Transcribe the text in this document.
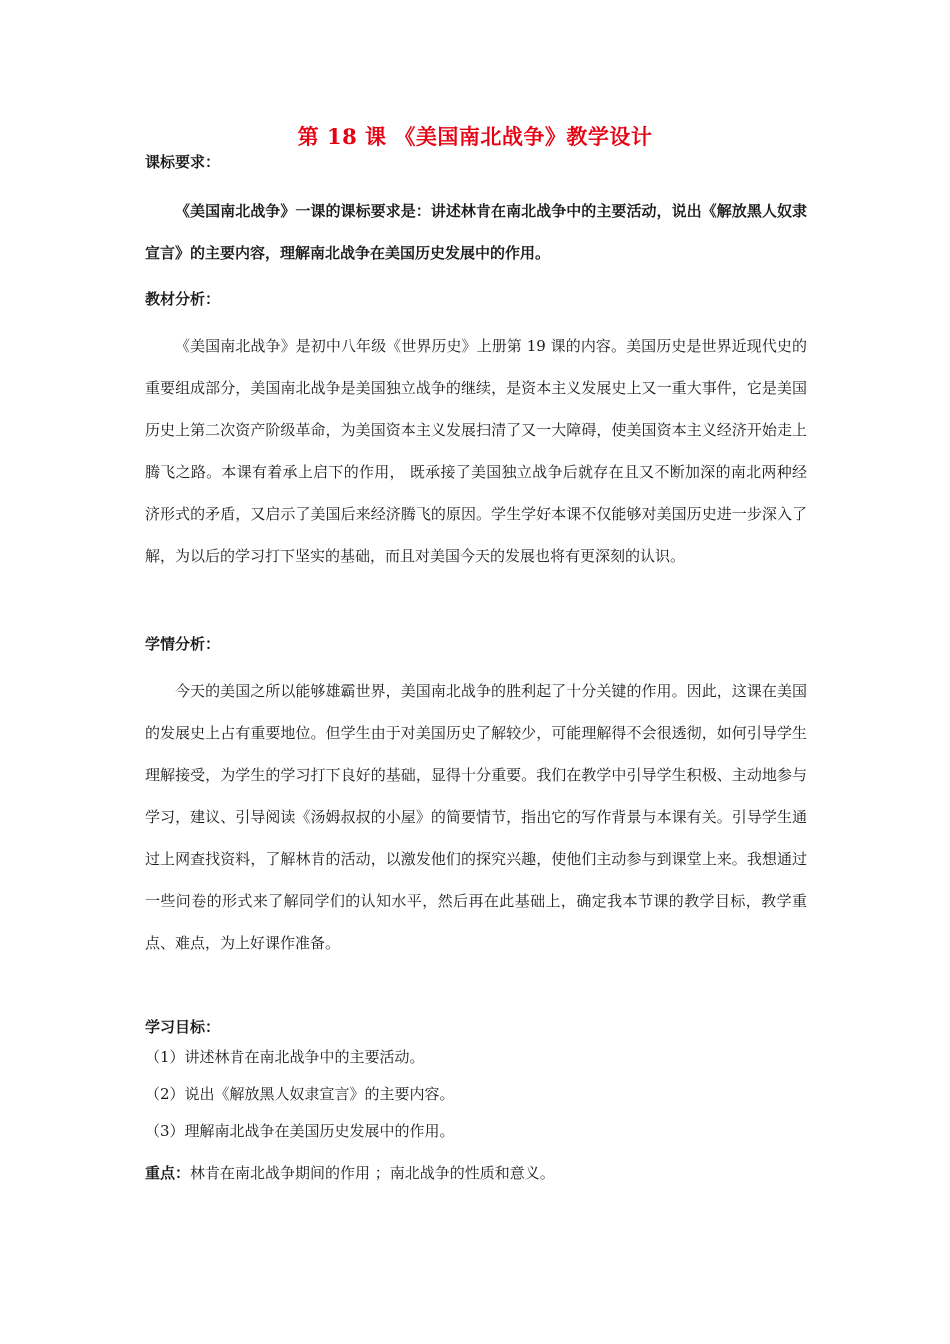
第 18 课 《美国南北战争》教学设计
课标要求：
《美国南北战争》一课的课标要求是：讲述林肯在南北战争中的主要活动，说出《解放黑人奴隶宣言》的主要内容，理解南北战争在美国历史发展中的作用。
教材分析：
《美国南北战争》是初中八年级《世界历史》上册第 19 课的内容。美国历史是世界近现代史的重要组成部分，美国南北战争是美国独立战争的继续，是资本主义发展史上又一重大事件，它是美国历史上第二次资产阶级革命，为美国资本主义发展扫清了又一大障碍，使美国资本主义经济开始走上腾飞之路。本课有着承上启下的作用， 既承接了美国独立战争后就存在且又不断加深的南北两种经济形式的矛盾，又启示了美国后来经济腾飞的原因。学生学好本课不仅能够对美国历史进一步深入了解，为以后的学习打下坚实的基础，而且对美国今天的发展也将有更深刻的认识。
学情分析：
今天的美国之所以能够雄霸世界，美国南北战争的胜利起了十分关键的作用。因此，这课在美国的发展史上占有重要地位。但学生由于对美国历史了解较少，可能理解得不会很透彻，如何引导学生理解接受，为学生的学习打下良好的基础，显得十分重要。我们在教学中引导学生积极、主动地参与学习，建议、引导阅读《汤姆叔叔的小屋》的简要情节，指出它的写作背景与本课有关。引导学生通过上网查找资料，了解林肯的活动，以激发他们的探究兴趣，使他们主动参与到课堂上来。我想通过一些问卷的形式来了解同学们的认知水平，然后再在此基础上，确定我本节课的教学目标，教学重点、难点，为上好课作准备。
学习目标：
（1）讲述林肯在南北战争中的主要活动。
（2）说出《解放黑人奴隶宣言》的主要内容。
（3）理解南北战争在美国历史发展中的作用。
重点：林肯在南北战争期间的作用 ；南北战争的性质和意义。
